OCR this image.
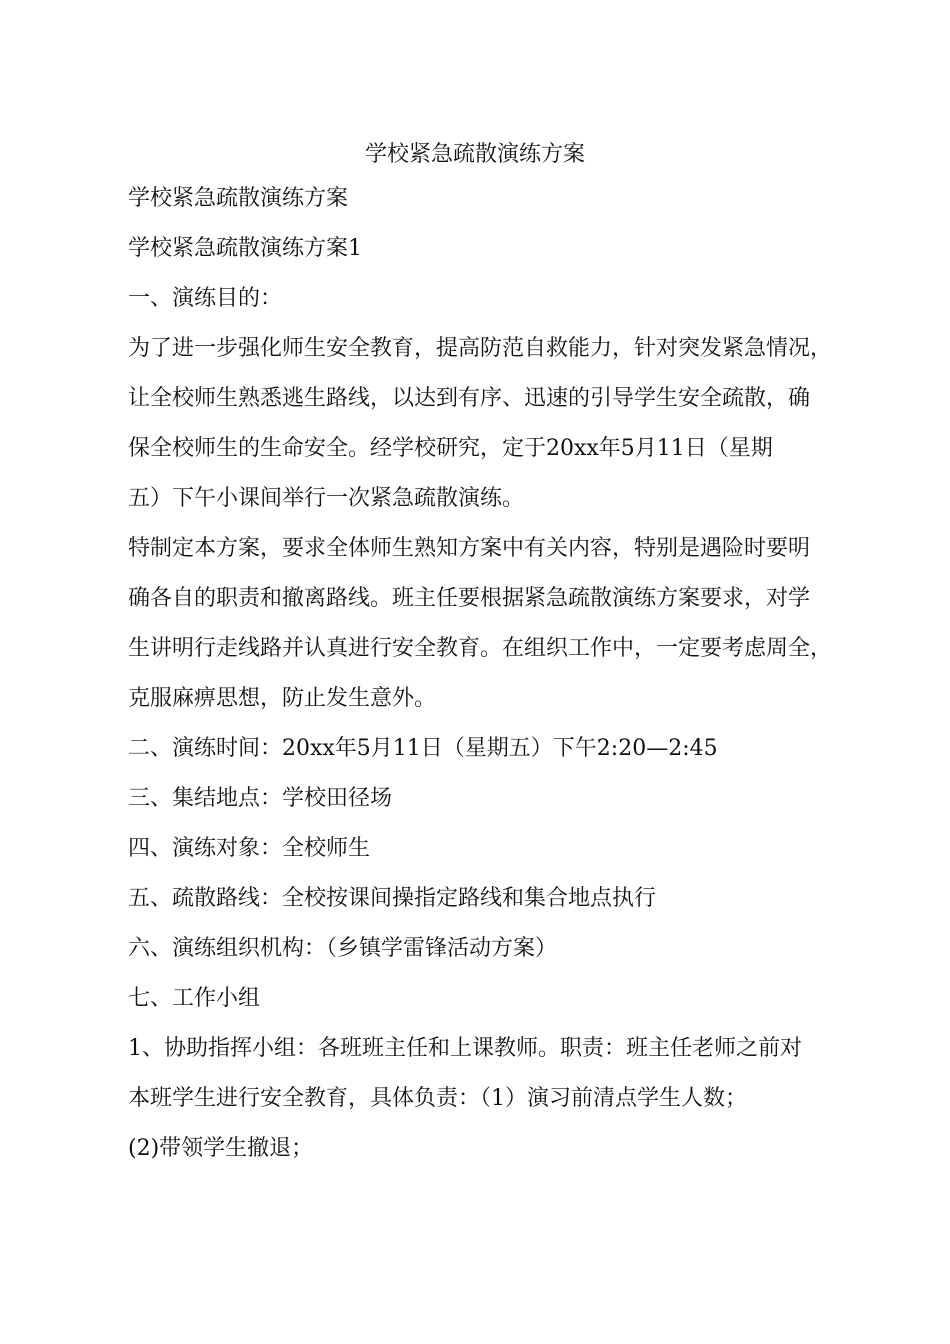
学校紧急疏散演练方案
学校紧急疏散演练方案
学校紧急疏散演练方案1
一、演练目的：
为了进一步强化师生安全教育，提高防范自救能力，针对突发紧急情况，
让全校师生熟悉逃生路线，以达到有序、迅速的引导学生安全疏散，确
保全校师生的生命安全。经学校研究，定于20xx年5月11日（星期
五）下午小课间举行一次紧急疏散演练。
特制定本方案，要求全体师生熟知方案中有关内容，特别是遇险时要明
确各自的职责和撤离路线。班主任要根据紧急疏散演练方案要求，对学
生讲明行走线路并认真进行安全教育。在组织工作中，一定要考虑周全，
克服麻痹思想，防止发生意外。
二、演练时间：20xx年5月11日（星期五）下午2:20—2:45
三、集结地点：学校田径场
四、演练对象：全校师生
五、疏散路线：全校按课间操指定路线和集合地点执行
六、演练组织机构：（乡镇学雷锋活动方案）
七、工作小组
1、协助指挥小组：各班班主任和上课教师。职责：班主任老师之前对
本班学生进行安全教育，具体负责：（1）演习前清点学生人数；
(2)带领学生撤退；
